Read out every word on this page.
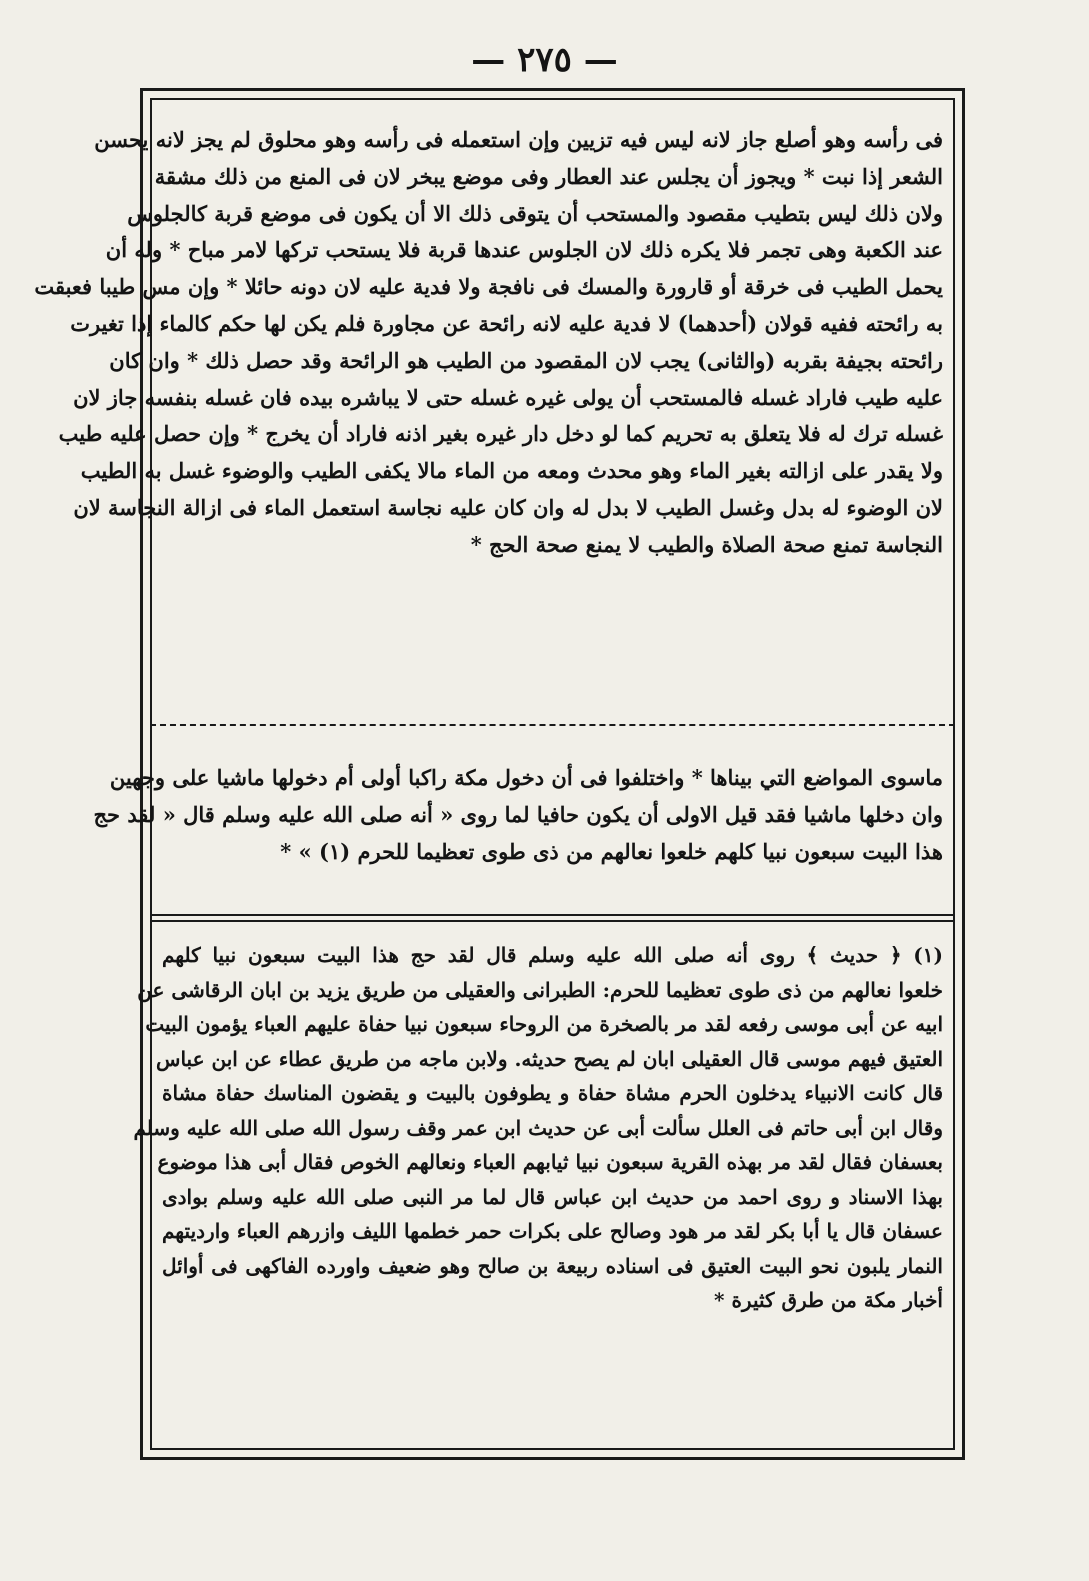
— ٢٧٥ —
فى رأسه وهو أصلع جاز لانه ليس فيه تزيين وإن استعمله فى رأسه وهو محلوق لم يجز لانه يحسن
الشعر إذا نبت * ويجوز أن يجلس عند العطار وفى موضع يبخر لان فى المنع من ذلك مشقة
ولان ذلك ليس بتطيب مقصود والمستحب أن يتوقى ذلك الا أن يكون فى موضع قربة كالجلوس
عند الكعبة وهى تجمر فلا يكره ذلك لان الجلوس عندها قربة فلا يستحب تركها لامر مباح * وله أن
يحمل الطيب فى خرقة أو قارورة والمسك فى نافجة ولا فدية عليه لان دونه حائلا * وإن مس طيبا فعبقت
به رائحته ففيه قولان (أحدهما) لا فدية عليه لانه رائحة عن مجاورة فلم يكن لها حكم كالماء إذا تغيرت
رائحته بجيفة بقربه (والثانى) يجب لان المقصود من الطيب هو الرائحة وقد حصل ذلك * وان كان
عليه طيب فاراد غسله فالمستحب أن يولى غيره غسله حتى لا يباشره بيده فان غسله بنفسه جاز لان
غسله ترك له فلا يتعلق به تحريم كما لو دخل دار غيره بغير اذنه فاراد أن يخرج * وإن حصل عليه طيب
ولا يقدر على ازالته بغير الماء وهو محدث ومعه من الماء مالا يكفى الطيب والوضوء غسل به الطيب
لان الوضوء له بدل وغسل الطيب لا بدل له وان كان عليه نجاسة استعمل الماء فى ازالة النجاسة لان
النجاسة تمنع صحة الصلاة والطيب لا يمنع صحة الحج *
ماسوى المواضع التي بيناها * واختلفوا فى أن دخول مكة راكبا أولى أم دخولها ماشيا على وجهين
وان دخلها ماشيا فقد قيل الاولى أن يكون حافيا لما روى « أنه صلى الله عليه وسلم قال « لقد حج
هذا البيت سبعون نبيا كلهم خلعوا نعالهم من ذى طوى تعظيما للحرم (١) » *
(١) ﴿ حديث ﴾ روى أنه صلى الله عليه وسلم قال لقد حج هذا البيت سبعون نبيا كلهم
خلعوا نعالهم من ذى طوى تعظيما للحرم: الطبرانى والعقيلى من طريق يزيد بن ابان الرقاشى عن
ابيه عن أبى موسى رفعه لقد مر بالصخرة من الروحاء سبعون نبيا حفاة عليهم العباء يؤمون البيت
العتيق فيهم موسى قال العقيلى ابان لم يصح حديثه. ولابن ماجه من طريق عطاء عن ابن عباس
قال كانت الانبياء يدخلون الحرم مشاة حفاة و يطوفون بالبيت و يقضون المناسك حفاة مشاة
وقال ابن أبى حاتم فى العلل سألت أبى عن حديث ابن عمر وقف رسول الله صلى الله عليه وسلم
بعسفان فقال لقد مر بهذه القرية سبعون نبيا ثيابهم العباء ونعالهم الخوص فقال أبى هذا موضوع
بهذا الاسناد و روى احمد من حديث ابن عباس قال لما مر النبى صلى الله عليه وسلم بوادى
عسفان قال يا أبا بكر لقد مر هود وصالح على بكرات حمر خطمها الليف وازرهم العباء وارديتهم
النمار يلبون نحو البيت العتيق فى اسناده ربيعة بن صالح وهو ضعيف واورده الفاكهى فى أوائل
أخبار مكة من طرق كثيرة *
